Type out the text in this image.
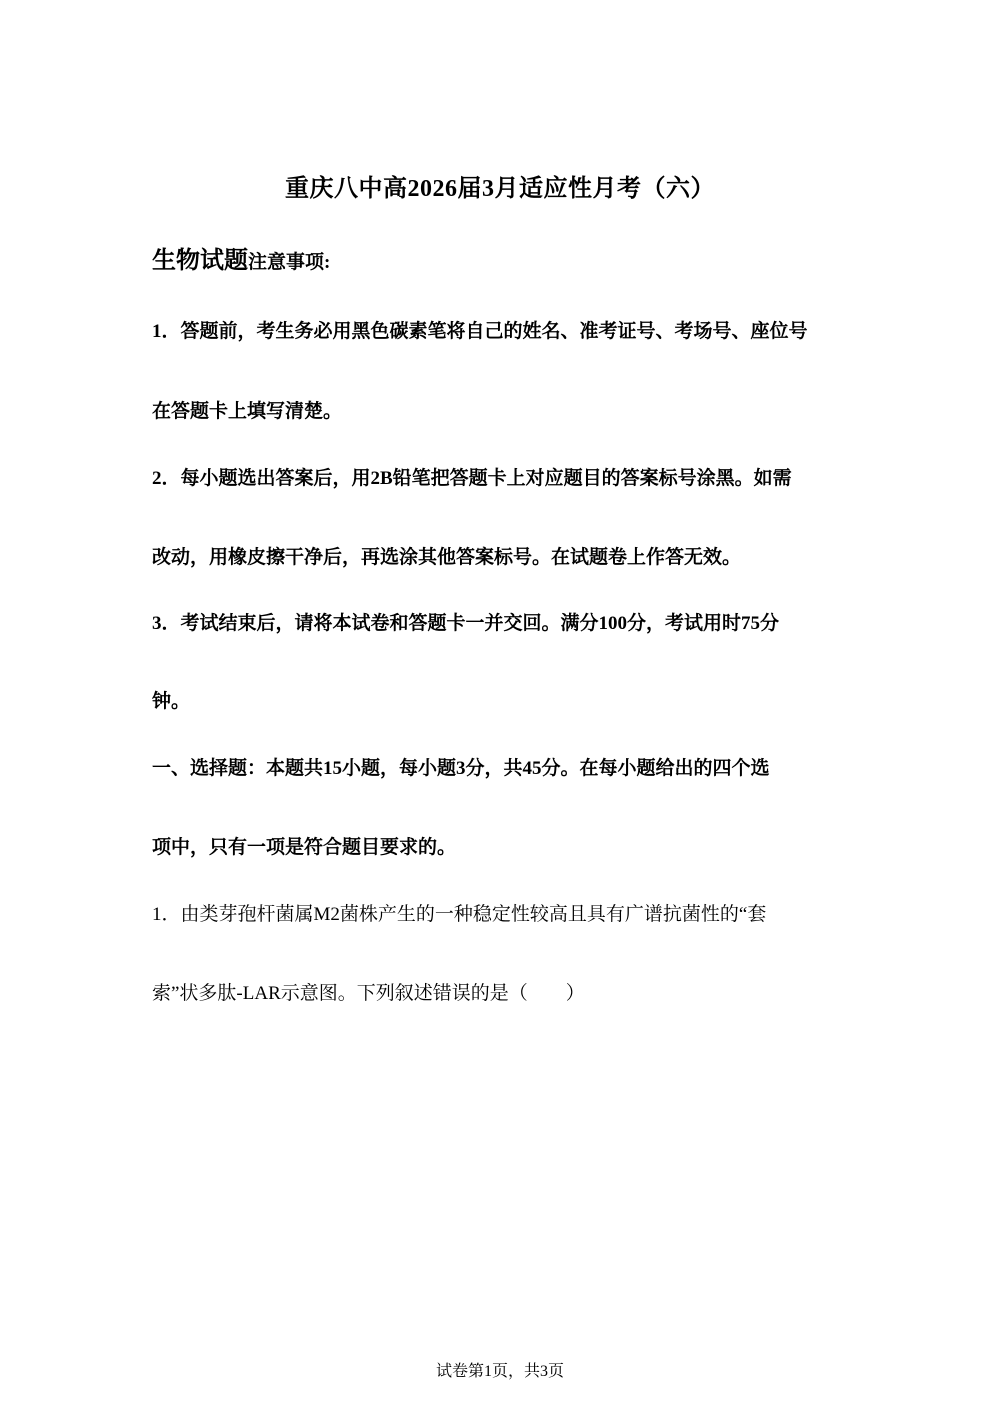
重庆八中高2026届3月适应性月考（六）
生物试题注意事项:
1．答题前，考生务必用黑色碳素笔将自己的姓名、准考证号、考场号、座位号
在答题卡上填写清楚。
2．每小题选出答案后，用2B铅笔把答题卡上对应题目的答案标号涂黑。如需
改动，用橡皮擦干净后，再选涂其他答案标号。在试题卷上作答无效。
3．考试结束后，请将本试卷和答题卡一并交回。满分100分，考试用时75分
钟。
一、选择题：本题共15小题，每小题3分，共45分。在每小题给出的四个选
项中，只有一项是符合题目要求的。
1．由类芽孢杆菌属M2菌株产生的一种稳定性较高且具有广谱抗菌性的“套
索”状多肽-LAR示意图。下列叙述错误的是（　　）
试卷第1页，共3页
